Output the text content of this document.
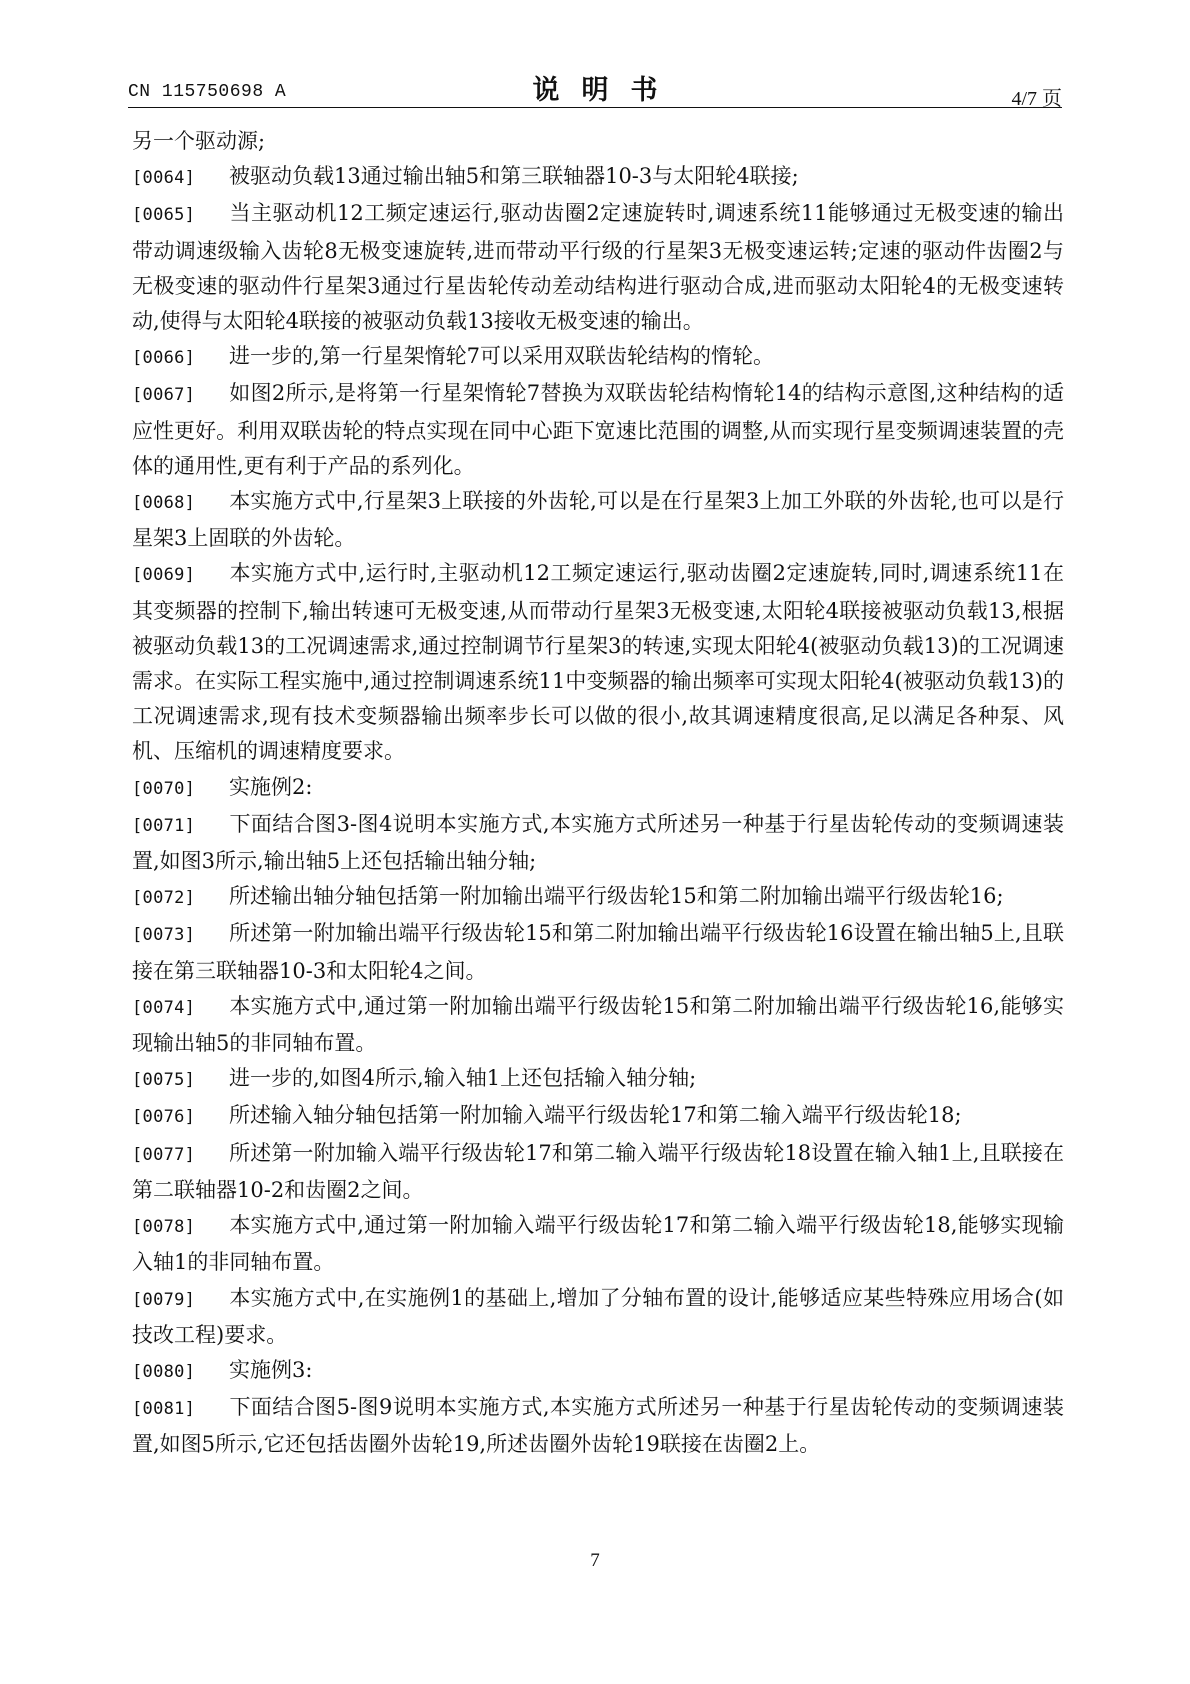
CN 115750698 A	说明书	4/7 页

另一个驱动源;

[0064] 被驱动负载13通过输出轴5和第三联轴器10-3与太阳轮4联接;

[0065] 当主驱动机12工频定速运行,驱动齿圈2定速旋转时,调速系统11能够通过无极变速的输出带动调速级输入齿轮8无极变速旋转,进而带动平行级的行星架3无极变速运转;定速的驱动件齿圈2与无极变速的驱动件行星架3通过行星齿轮传动差动结构进行驱动合成,进而驱动太阳轮4的无极变速转动,使得与太阳轮4联接的被驱动负载13接收无极变速的输出。

[0066] 进一步的,第一行星架惰轮7可以采用双联齿轮结构的惰轮。

[0067] 如图2所示,是将第一行星架惰轮7替换为双联齿轮结构惰轮14的结构示意图,这种结构的适应性更好。利用双联齿轮的特点实现在同中心距下宽速比范围的调整,从而实现行星变频调速装置的壳体的通用性,更有利于产品的系列化。

[0068] 本实施方式中,行星架3上联接的外齿轮,可以是在行星架3上加工外联的外齿轮,也可以是行星架3上固联的外齿轮。

[0069] 本实施方式中,运行时,主驱动机12工频定速运行,驱动齿圈2定速旋转,同时,调速系统11在其变频器的控制下,输出转速可无极变速,从而带动行星架3无极变速,太阳轮4联接被驱动负载13,根据被驱动负载13的工况调速需求,通过控制调节行星架3的转速,实现太阳轮4(被驱动负载13)的工况调速需求。在实际工程实施中,通过控制调速系统11中变频器的输出频率可实现太阳轮4(被驱动负载13)的工况调速需求,现有技术变频器输出频率步长可以做的很小,故其调速精度很高,足以满足各种泵、风机、压缩机的调速精度要求。

[0070] 实施例2:

[0071] 下面结合图3-图4说明本实施方式,本实施方式所述另一种基于行星齿轮传动的变频调速装置,如图3所示,输出轴5上还包括输出轴分轴;

[0072] 所述输出轴分轴包括第一附加输出端平行级齿轮15和第二附加输出端平行级齿轮16;

[0073] 所述第一附加输出端平行级齿轮15和第二附加输出端平行级齿轮16设置在输出轴5上,且联接在第三联轴器10-3和太阳轮4之间。

[0074] 本实施方式中,通过第一附加输出端平行级齿轮15和第二附加输出端平行级齿轮16,能够实现输出轴5的非同轴布置。

[0075] 进一步的,如图4所示,输入轴1上还包括输入轴分轴;

[0076] 所述输入轴分轴包括第一附加输入端平行级齿轮17和第二输入端平行级齿轮18;

[0077] 所述第一附加输入端平行级齿轮17和第二输入端平行级齿轮18设置在输入轴1上,且联接在第二联轴器10-2和齿圈2之间。

[0078] 本实施方式中,通过第一附加输入端平行级齿轮17和第二输入端平行级齿轮18,能够实现输入轴1的非同轴布置。

[0079] 本实施方式中,在实施例1的基础上,增加了分轴布置的设计,能够适应某些特殊应用场合(如技改工程)要求。

[0080] 实施例3:

[0081] 下面结合图5-图9说明本实施方式,本实施方式所述另一种基于行星齿轮传动的变频调速装置,如图5所示,它还包括齿圈外齿轮19,所述齿圈外齿轮19联接在齿圈2上。

7
